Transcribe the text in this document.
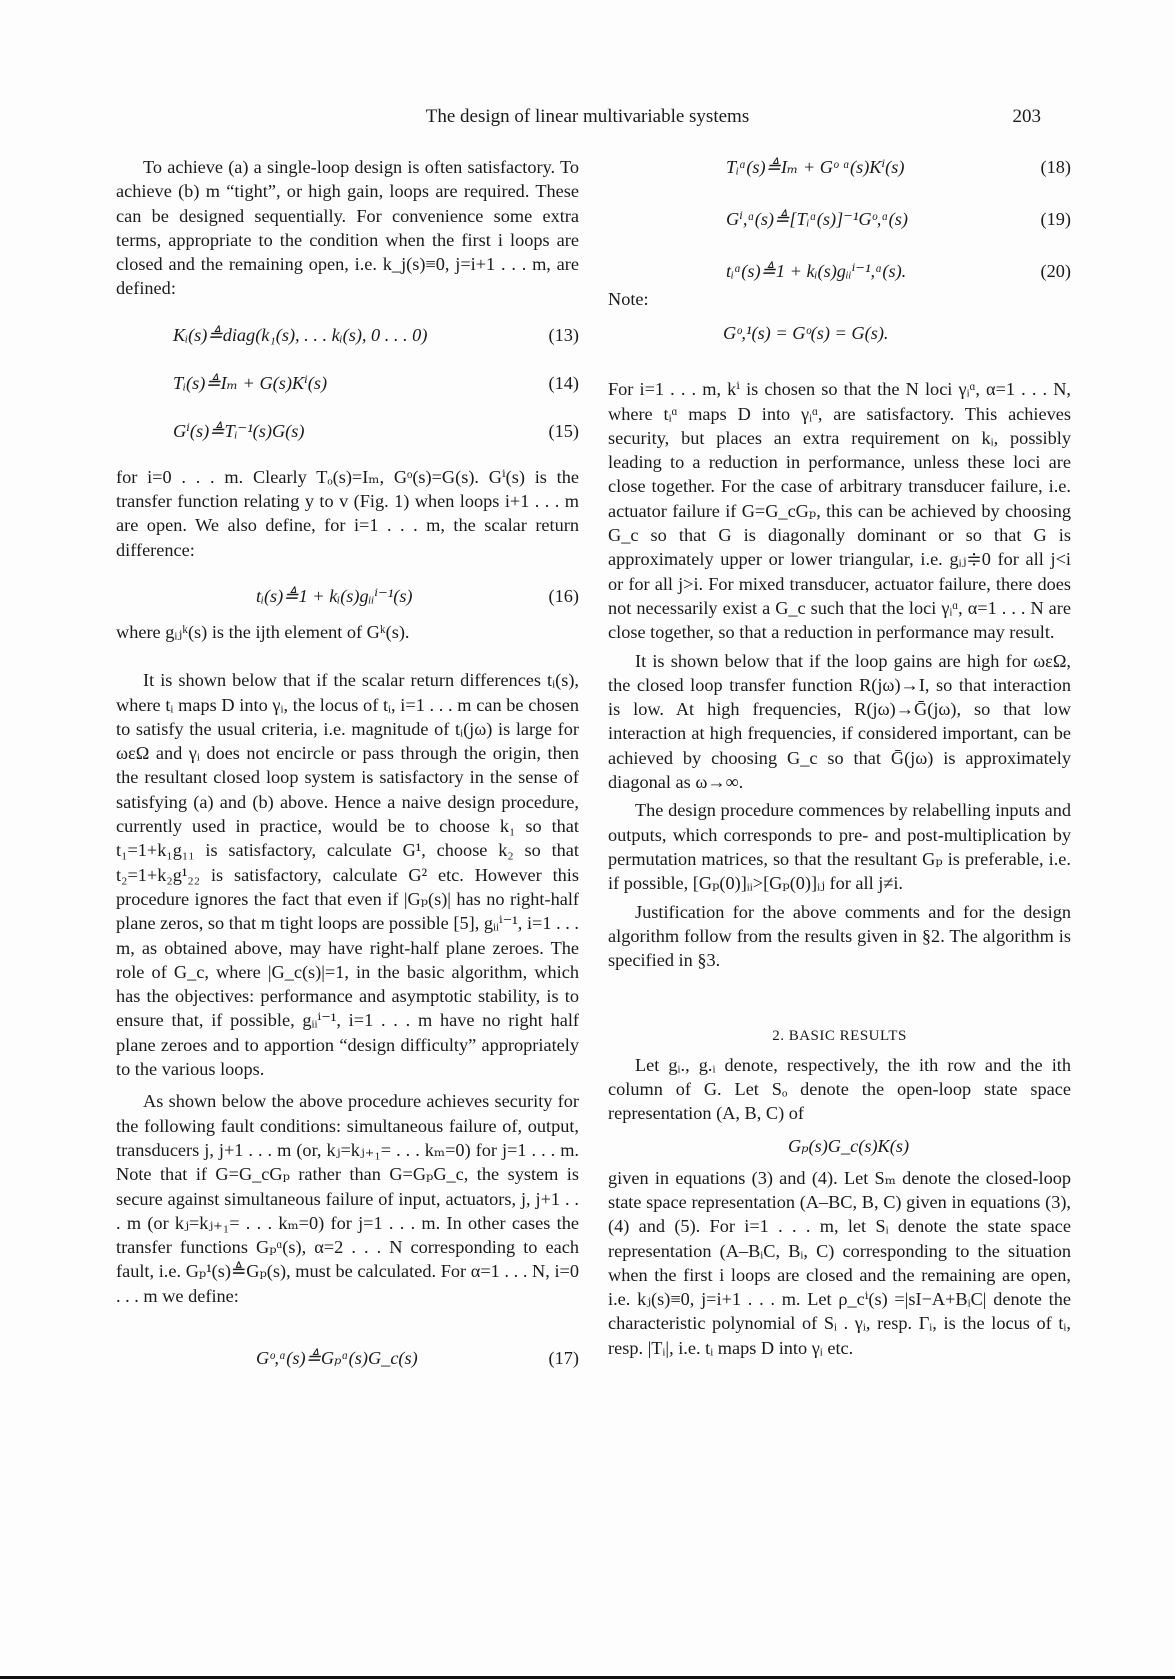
The design of linear multivariable systems	203

To achieve (a) a single-loop design is often satisfactory. To achieve (b) m “tight”, or high gain, loops are required. These can be designed sequentially. For convenience some extra terms, appropriate to the condition when the first i loops are closed and the remaining open, i.e. k_j(s)≡0, j=i+1 . . . m, are defined:

Kᵢ(s)≜diag(k₁(s), . . . kᵢ(s), 0 . . . 0)	(13)
Tᵢ(s)≜Iₘ + G(s)Kⁱ(s)	(14)
Gⁱ(s)≜Tᵢ⁻¹(s)G(s)	(15)

for i=0 . . . m. Clearly Tₒ(s)=Iₘ, Gᵒ(s)=G(s). Gⁱ(s) is the transfer function relating y to v (Fig. 1) when loops i+1 . . . m are open. We also define, for i=1 . . . m, the scalar return difference:

tᵢ(s)≜1 + kᵢ(s)gᵢᵢⁱ⁻¹(s)	(16)

where gᵢⱼᵏ(s) is the ijth element of Gᵏ(s).

It is shown below that if the scalar return differences tᵢ(s), where tᵢ maps D into γᵢ, the locus of tᵢ, i=1 . . . m can be chosen to satisfy the usual criteria, i.e. magnitude of tᵢ(jω) is large for ωεΩ and γᵢ does not encircle or pass through the origin, then the resultant closed loop system is satisfactory in the sense of satisfying (a) and (b) above. Hence a naive design procedure, currently used in practice, would be to choose k₁ so that t₁=1+k₁g₁₁ is satisfactory, calculate G¹, choose k₂ so that t₂=1+k₂g¹₂₂ is satisfactory, calculate G² etc. However this procedure ignores the fact that even if |Gₚ(s)| has no right-half plane zeros, so that m tight loops are possible [5], gᵢᵢⁱ⁻¹, i=1 . . . m, as obtained above, may have right-half plane zeroes. The role of G_c, where |G_c(s)|=1, in the basic algorithm, which has the objectives: performance and asymptotic stability, is to ensure that, if possible, gᵢᵢⁱ⁻¹, i=1 . . . m have no right half plane zeroes and to apportion “design difficulty” appropriately to the various loops.

As shown below the above procedure achieves security for the following fault conditions: simultaneous failure of, output, transducers j, j+1 . . . m (or, kⱼ=kⱼ₊₁= . . . kₘ=0) for j=1 . . . m. Note that if G=G_cGₚ rather than G=GₚG_c, the system is secure against simultaneous failure of input, actuators, j, j+1 . . . m (or kⱼ=kⱼ₊₁= . . . kₘ=0) for j=1 . . . m. In other cases the transfer functions Gₚᵅ(s), α=2 . . . N corresponding to each fault, i.e. Gₚ¹(s)≜Gₚ(s), must be calculated. For α=1 . . . N, i=0 . . . m we define:

Gᵒ,ᵅ(s)≜Gₚᵅ(s)G_c(s)	(17)
Tᵢᵅ(s)≜Iₘ + Gᵒ ᵅ(s)Kⁱ(s)	(18)
Gⁱ,ᵅ(s)≜[Tᵢᵅ(s)]⁻¹Gᵒ,ᵅ(s)	(19)
tᵢᵅ(s)≜1 + kᵢ(s)gᵢᵢⁱ⁻¹,ᵅ(s).	(20)

Note:

Gᵒ,¹(s) = Gᵒ(s) = G(s).

For i=1 . . . m, kⁱ is chosen so that the N loci γᵢᵅ, α=1 . . . N, where tᵢᵅ maps D into γᵢᵅ, are satisfactory. This achieves security, but places an extra requirement on kᵢ, possibly leading to a reduction in performance, unless these loci are close together. For the case of arbitrary transducer failure, i.e. actuator failure if G=G_cGₚ, this can be achieved by choosing G_c so that G is diagonally dominant or so that G is approximately upper or lower triangular, i.e. gᵢⱼ≑0 for all j<i or for all j>i. For mixed transducer, actuator failure, there does not necessarily exist a G_c such that the loci γᵢᵅ, α=1 . . . N are close together, so that a reduction in performance may result.

It is shown below that if the loop gains are high for ωεΩ, the closed loop transfer function R(jω)→I, so that interaction is low. At high frequencies, R(jω)→Ḡ(jω), so that low interaction at high frequencies, if considered important, can be achieved by choosing G_c so that Ḡ(jω) is approximately diagonal as ω→∞.

The design procedure commences by relabelling inputs and outputs, which corresponds to pre- and post-multiplication by permutation matrices, so that the resultant Gₚ is preferable, i.e. if possible, [Gₚ(0)]ᵢᵢ>[Gₚ(0)]ᵢⱼ for all j≠i.

Justification for the above comments and for the design algorithm follow from the results given in §2. The algorithm is specified in §3.

2. BASIC RESULTS

Let gᵢ., g.ᵢ denote, respectively, the ith row and the ith column of G. Let Sₒ denote the open-loop state space representation (A, B, C) of

Gₚ(s)G_c(s)K(s)

given in equations (3) and (4). Let Sₘ denote the closed-loop state space representation (A–BC, B, C) given in equations (3), (4) and (5). For i=1 . . . m, let Sᵢ denote the state space representation (A–BᵢC, Bᵢ, C) corresponding to the situation when the first i loops are closed and the remaining are open, i.e. kⱼ(s)≡0, j=i+1 . . . m. Let ρ_cⁱ(s) =|sI−A+BᵢC| denote the characteristic polynomial of Sᵢ . γᵢ, resp. Γᵢ, is the locus of tᵢ, resp. |Tᵢ|, i.e. tᵢ maps D into γᵢ etc.
